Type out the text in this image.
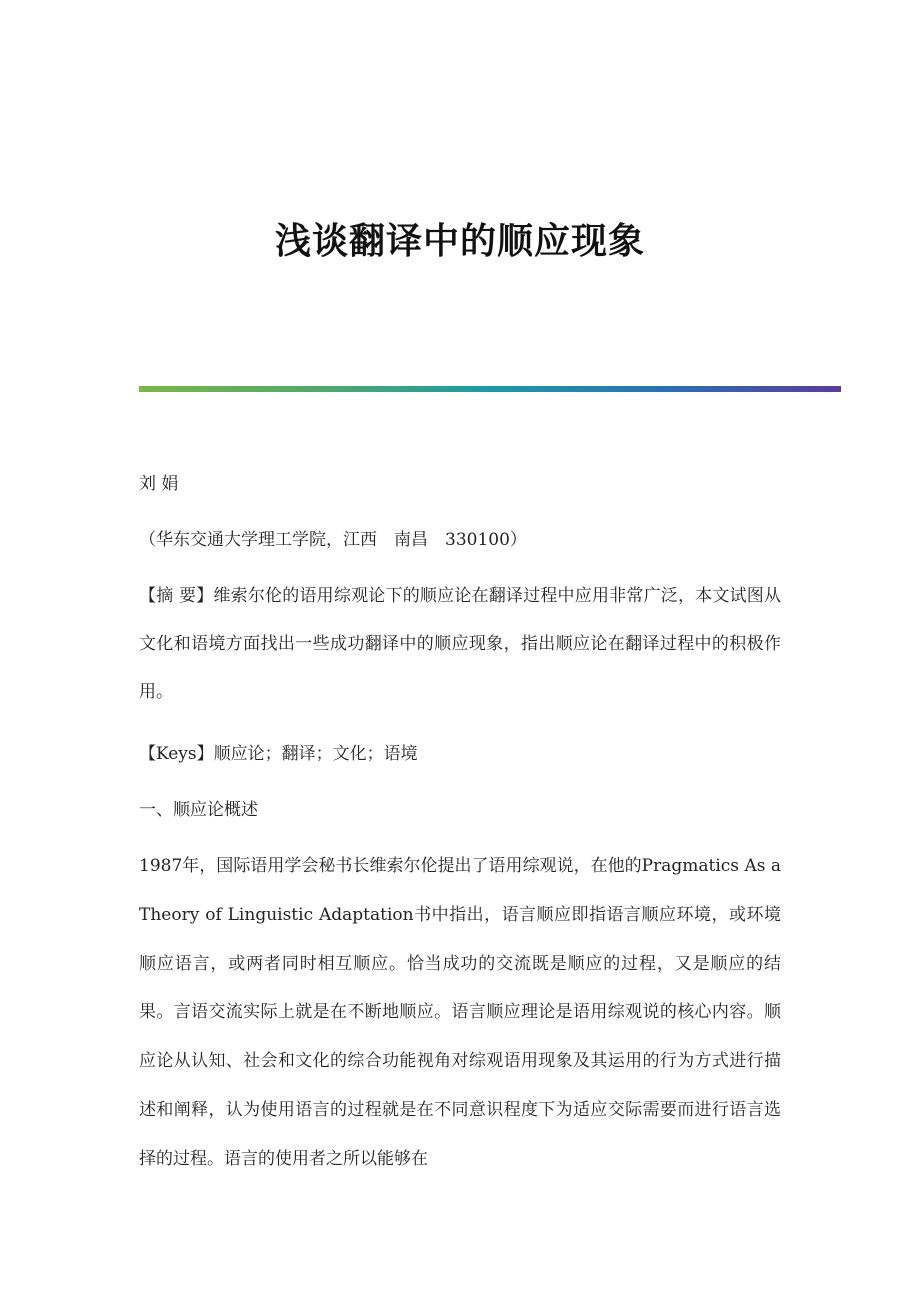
浅谈翻译中的顺应现象

刘 娟

（华东交通大学理工学院，江西　南昌　330100）

【摘 要】维索尔伦的语用综观论下的顺应论在翻译过程中应用非常广泛，本文试图从文化和语境方面找出一些成功翻译中的顺应现象，指出顺应论在翻译过程中的积极作用。

【Keys】顺应论；翻译；文化；语境

一、顺应论概述

1987年，国际语用学会秘书长维索尔伦提出了语用综观说，在他的Pragmatics As a Theory of Linguistic Adaptation书中指出，语言顺应即指语言顺应环境，或环境顺应语言，或两者同时相互顺应。恰当成功的交流既是顺应的过程，又是顺应的结果。言语交流实际上就是在不断地顺应。语言顺应理论是语用综观说的核心内容。顺应论从认知、社会和文化的综合功能视角对综观语用现象及其运用的行为方式进行描述和阐释，认为使用语言的过程就是在不同意识程度下为适应交际需要而进行语言选择的过程。语言的使用者之所以能够在
